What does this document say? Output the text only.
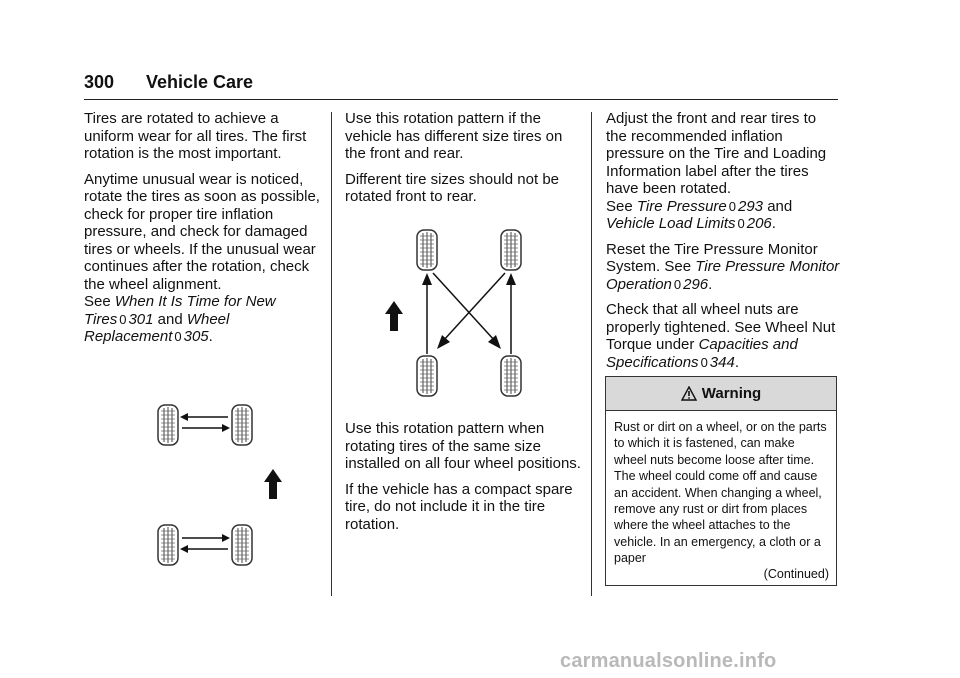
300 Vehicle Care

Tires are rotated to achieve a uniform wear for all tires. The first rotation is the most important.

Anytime unusual wear is noticed, rotate the tires as soon as possible, check for proper tire inflation pressure, and check for damaged tires or wheels. If the unusual wear continues after the rotation, check the wheel alignment.
See When It Is Time for New Tires 0 301 and Wheel Replacement 0 305.

Use this rotation pattern if the vehicle has different size tires on the front and rear.

Different tire sizes should not be rotated front to rear.

Use this rotation pattern when rotating tires of the same size installed on all four wheel positions.

If the vehicle has a compact spare tire, do not include it in the tire rotation.

Adjust the front and rear tires to the recommended inflation pressure on the Tire and Loading Information label after the tires have been rotated.
See Tire Pressure 0 293 and
Vehicle Load Limits 0 206.

Reset the Tire Pressure Monitor System. See Tire Pressure Monitor Operation 0 296.

Check that all wheel nuts are properly tightened. See Wheel Nut Torque under Capacities and Specifications 0 344.

Warning
Rust or dirt on a wheel, or on the parts to which it is fastened, can make wheel nuts become loose after time. The wheel could come off and cause an accident. When changing a wheel, remove any rust or dirt from places where the wheel attaches to the vehicle. In an emergency, a cloth or a paper
(Continued)
carmanualsonline.info
